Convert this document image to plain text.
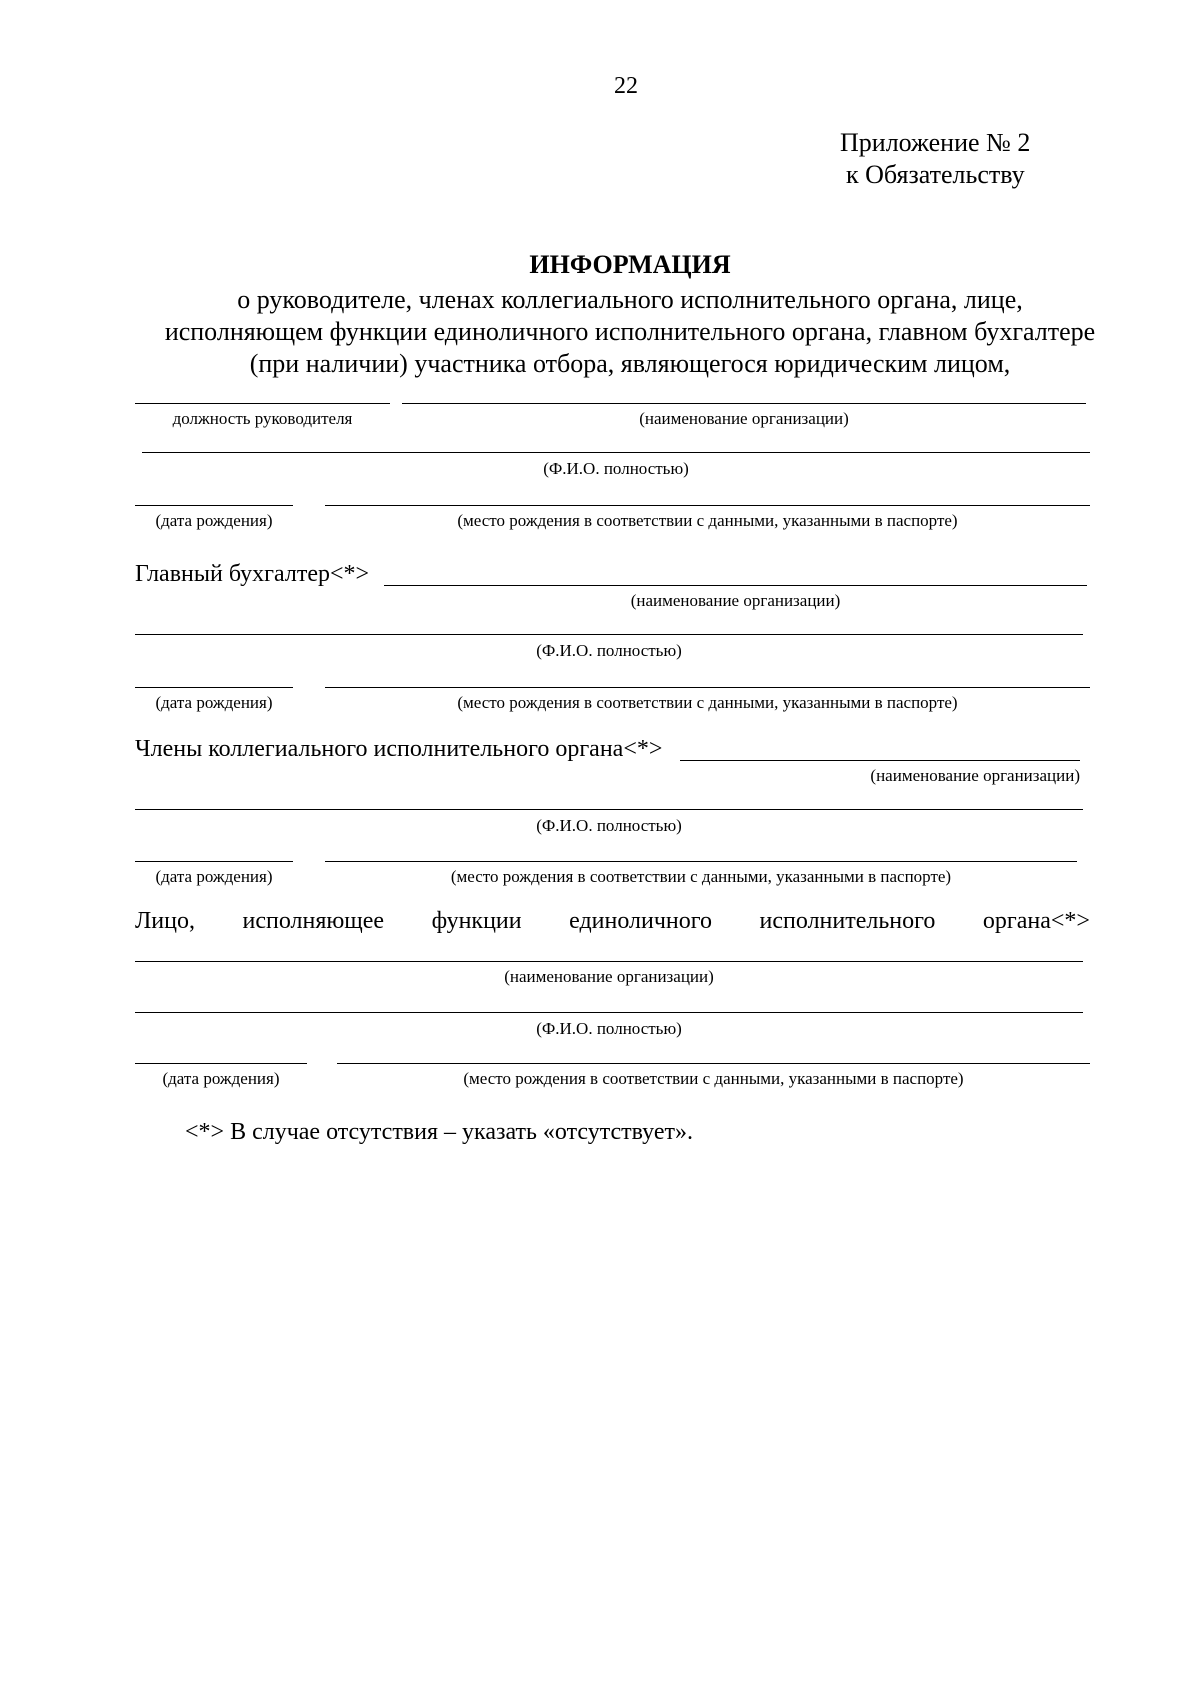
22
Приложение № 2
к Обязательству
ИНФОРМАЦИЯ
о руководителе, членах коллегиального исполнительного органа, лице,
исполняющем функции единоличного исполнительного органа, главном бухгалтере
(при наличии) участника отбора, являющегося юридическим лицом,
должность руководителя	(наименование организации)
(Ф.И.О. полностью)
(дата рождения)	(место рождения в соответствии с данными, указанными в паспорте)
Главный бухгалтер<*>
(наименование организации)
(Ф.И.О. полностью)
(дата рождения)	(место рождения в соответствии с данными, указанными в паспорте)
Члены коллегиального исполнительного органа<*>
(наименование организации)
(Ф.И.О. полностью)
(дата рождения)	(место рождения в соответствии с данными, указанными в паспорте)
Лицо, исполняющее функции единоличного исполнительного органа<*>
(наименование организации)
(Ф.И.О. полностью)
(дата рождения)	(место рождения в соответствии с данными, указанными в паспорте)
<*> В случае отсутствия – указать «отсутствует».
